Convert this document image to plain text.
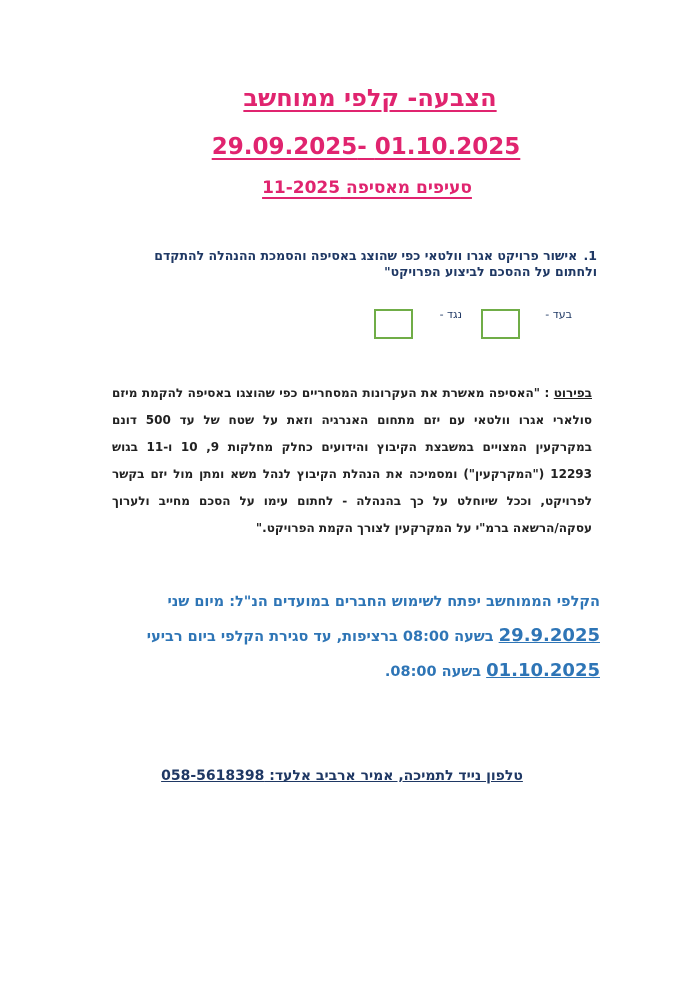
הצבעה- קלפי ממוחשב
01.10.2025 -29.09.2025
סעיפים מאסיפה 11-2025
1. אישור פרויקט אגרו וולטאי כפי שהוצג באסיפה והסמכת ההנהלה להתקדם ולחתום על ההסכם לביצוע הפרויקט"
בעד -
נגד -
בפירוט : "האסיפה מאשרת את העקרונות המסחריים כפי שהוצגו באסיפה להקמת מיזם סולארי אגרו וולטאי עם יזם מתחום האנרגיה וזאת על שטח של עד 500 דונם במקרקעין המצויים במשבצת הקיבוץ והידועים כחלק מחלקות 9, 10 ו-11 בגוש 12293 ("המקרקעין") ומסמיכה את הנהלת הקיבוץ לנהל משא ומתן מול יזם בקשר לפרויקט, וככל שיוחלט על כך בהנהלה - לחתום עימו על הסכם מחייב ולערוך עסקה/הרשאה ברמ"י על המקרקעין לצורך הקמת הפרויקט."
הקלפי הממוחשב יפתח לשימוש החברים במועדים הנ"ל: מיום שני 29.9.2025 בשעה 08:00 ברציפות, עד סגירת הקלפי ביום רביעי 01.10.2025 בשעה 08:00.
טלפון נייד לתמיכה, אמיר ארביב אלעד: 058-5618398
